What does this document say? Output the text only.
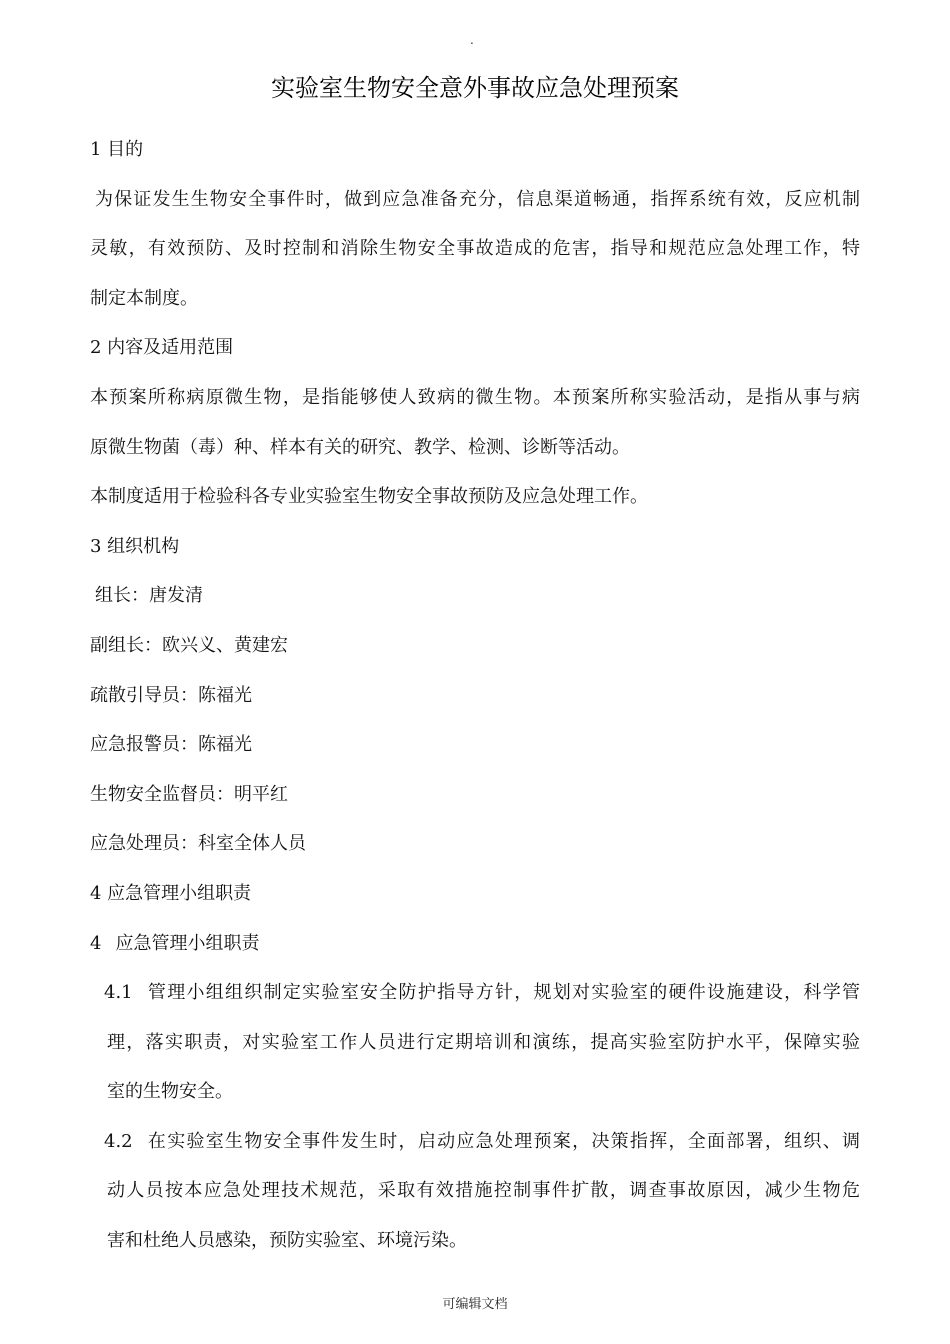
.
实验室生物安全意外事故应急处理预案
1 目的
为保证发生生物安全事件时，做到应急准备充分，信息渠道畅通，指挥系统有效，反应机制
灵敏，有效预防、及时控制和消除生物安全事故造成的危害，指导和规范应急处理工作，特
制定本制度。
2 内容及适用范围
本预案所称病原微生物，是指能够使人致病的微生物。本预案所称实验活动，是指从事与病
原微生物菌（毒）种、样本有关的研究、教学、检测、诊断等活动。
本制度适用于检验科各专业实验室生物安全事故预防及应急处理工作。
3 组织机构
组长：唐发清
副组长：欧兴义、黄建宏
疏散引导员：陈福光
应急报警员：陈福光
生物安全监督员：明平红
应急处理员：科室全体人员
4 应急管理小组职责
4 应急管理小组职责
4.1 管理小组组织制定实验室安全防护指导方针，规划对实验室的硬件设施建设，科学管
理，落实职责，对实验室工作人员进行定期培训和演练，提高实验室防护水平，保障实验
室的生物安全。
4.2 在实验室生物安全事件发生时，启动应急处理预案，决策指挥，全面部署，组织、调
动人员按本应急处理技术规范，采取有效措施控制事件扩散，调查事故原因，减少生物危
害和杜绝人员感染，预防实验室、环境污染。
可编辑文档
